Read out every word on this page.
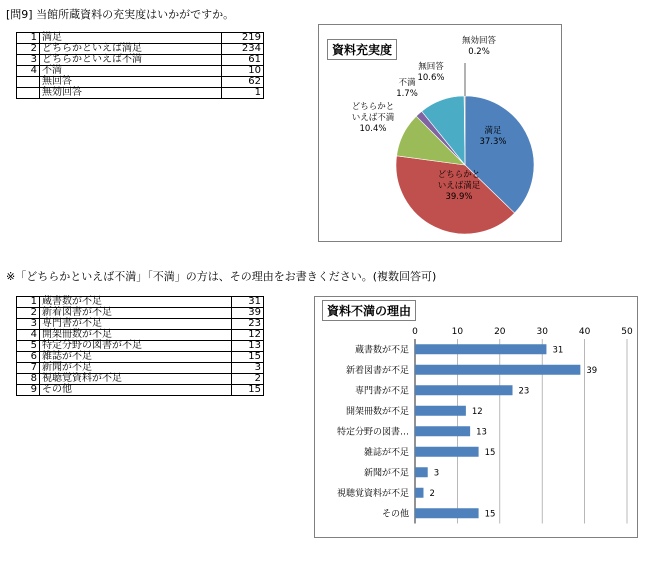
[問9] 当館所蔵資料の充実度はいかがですか。
1	満足	219
2	どちらかといえば満足	234
3	どちらかといえば不満	61
4	不満	10
	無回答	62
	無効回答	1
満足
37.3%
どちらかと
いえば満足
39.9%
どちらかと
いえば不満
10.4%
不満
1.7%
無回答
10.6%
無効回答
0.2%
資料充実度
※「どちらかといえば不満」「不満」の方は、その理由をお書きください。(複数回答可)
1	蔵書数が不足	31
2	新着図書が不足	39
3	専門書が不足	23
4	開架冊数が不足	12
5	特定分野の図書が不足	13
6	雑誌が不足	15
7	新聞が不足	3
8	視聴覚資料が不足	2
9	その他	15
0	10	20	30	40	50
蔵書数が不足	31
新着図書が不足	39
専門書が不足	23
開架冊数が不足	12
特定分野の図書…	13
雑誌が不足	15
新聞が不足	3
視聴覚資料が不足 2
その他	15
資料不満の理由
